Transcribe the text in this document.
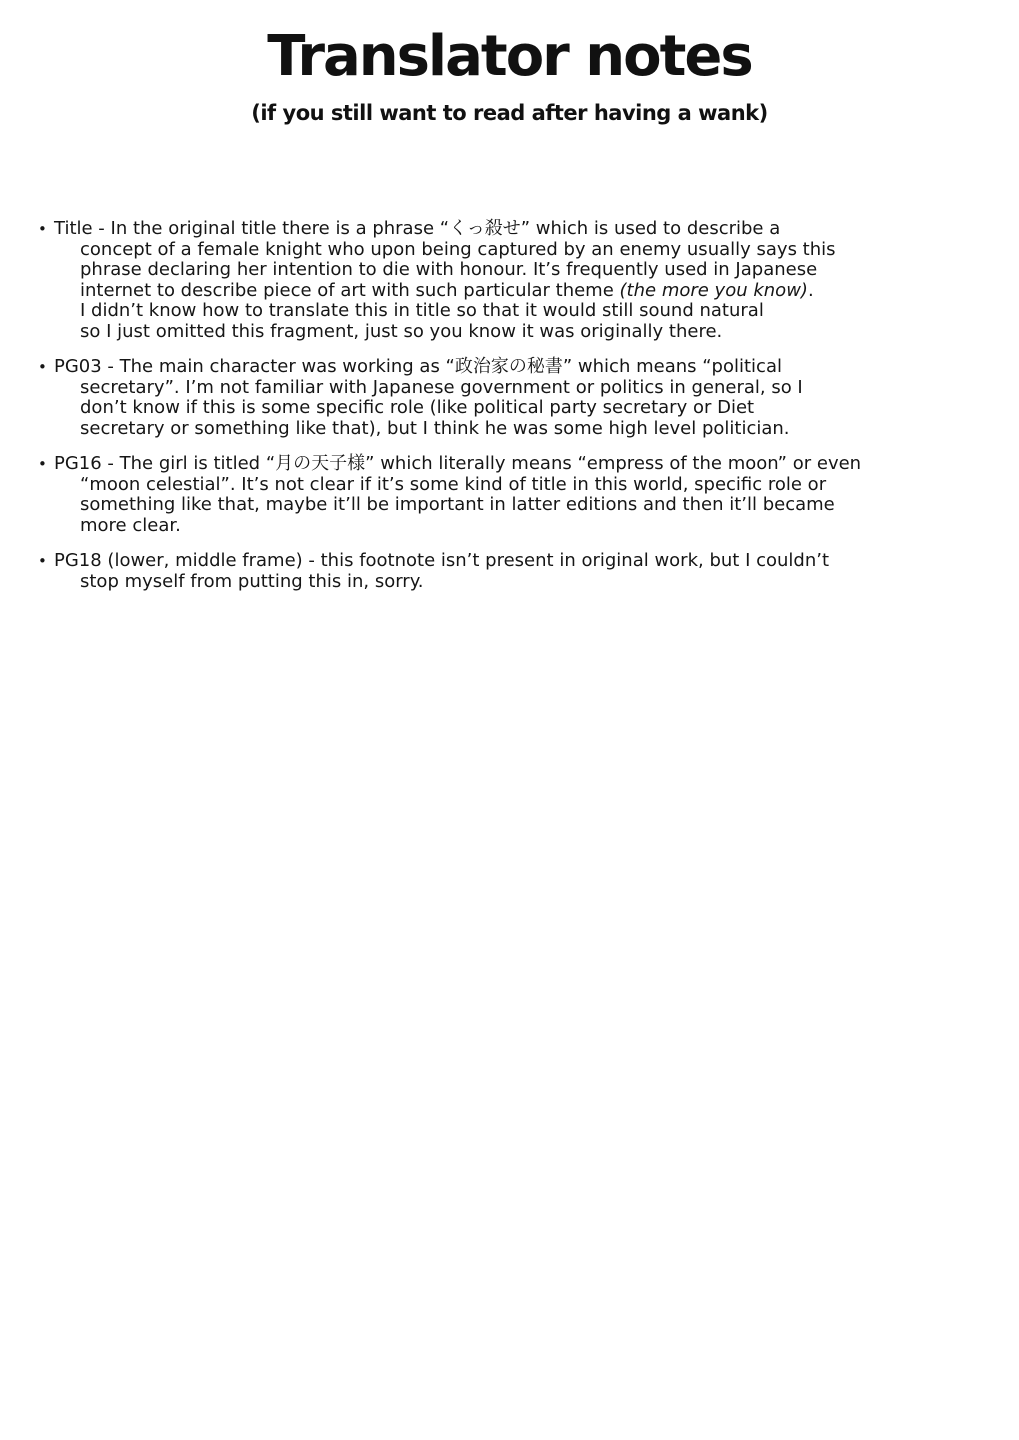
Translator notes
(if you still want to read after having a wank)
•Title - In the original title there is a phrase “くっ殺せ” which is used to describe a
concept of a female knight who upon being captured by an enemy usually says this
phrase declaring her intention to die with honour. It’s frequently used in Japanese
internet to describe piece of art with such particular theme (the more you know).
I didn’t know how to translate this in title so that it would still sound natural
so I just omitted this fragment, just so you know it was originally there.
•PG03 - The main character was working as “政治家の秘書” which means “political
secretary”. I’m not familiar with Japanese government or politics in general, so I
don’t know if this is some specific role (like political party secretary or Diet
secretary or something like that), but I think he was some high level politician.
•PG16 - The girl is titled “月の天子様” which literally means “empress of the moon” or even
“moon celestial”. It’s not clear if it’s some kind of title in this world, specific role or
something like that, maybe it’ll be important in latter editions and then it’ll became
more clear.
•PG18 (lower, middle frame) - this footnote isn’t present in original work, but I couldn’t
stop myself from putting this in, sorry.
